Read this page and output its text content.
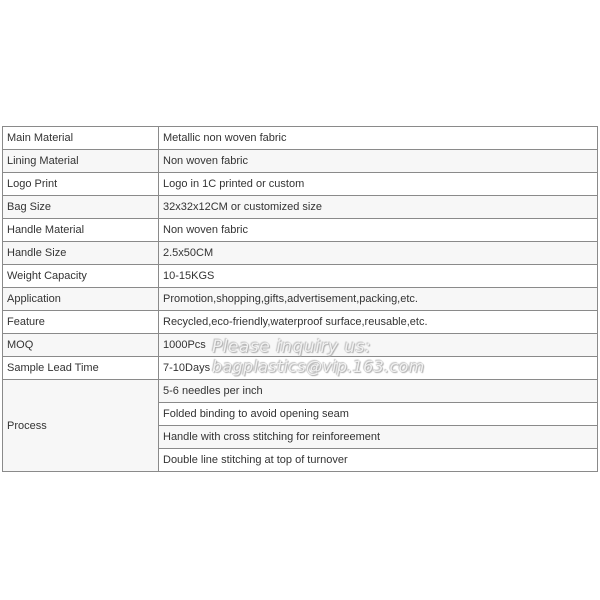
Main Material	Metallic non woven fabric
Lining Material	Non woven fabric
Logo Print	Logo in 1C printed or custom
Bag Size	32x32x12CM or customized size
Handle Material	Non woven fabric
Handle Size	2.5x50CM
Weight Capacity	10-15KGS
Application	Promotion,shopping,gifts,advertisement,packing,etc.
Feature	Recycled,eco-friendly,waterproof surface,reusable,etc.
MOQ	1000Pcs
Sample Lead Time	7-10Days
Process	5-6 needles per inch
	Folded binding to avoid opening seam
	Handle with cross stitching for reinforeement
	Double line stitching at top of turnover
Please inquiry us:
bagplastics@vip.163.com
